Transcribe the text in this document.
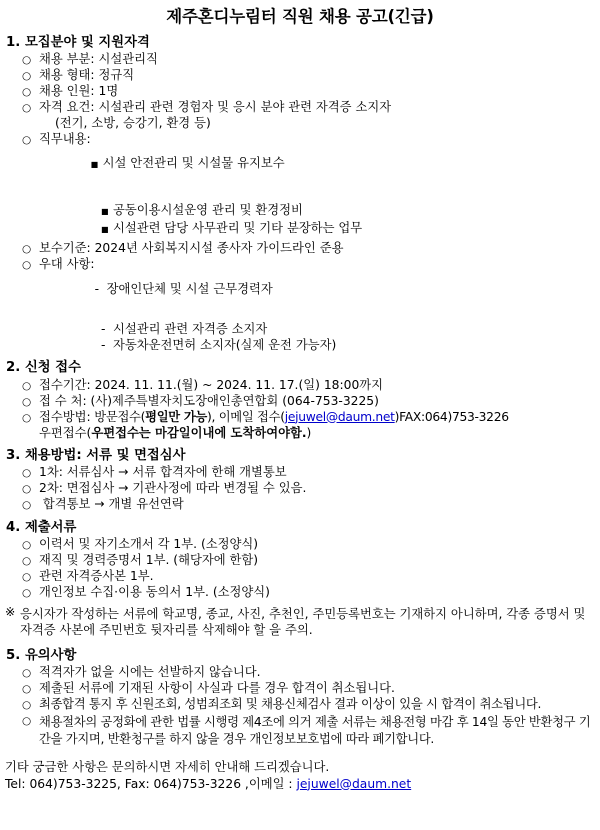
제주혼디누림터 직원 채용 공고(긴급)
1. 모집분야 및 지원자격
○
채용 부분: 시설관리직
○
채용 형태: 정규직
○
채용 인원: 1명
○
자격 요건: 시설관리 관련 경험자 및 응시 분야 관련 자격증 소지자
(전기, 소방, 승강기, 환경 등)
○
직무내용:

■
시설 안전관리 및 시설물 유지보수

■
공동이용시설운영 관리 및 환경정비
■
시설관련 담당 사무관리 및 기타 분장하는 업무
○
보수기준: 2024년 사회복지시설 종사자 가이드라인 준용
○
우대 사항:

-
장애인단체 및 시설 근무경력자

-
시설관리 관련 자격증 소지자
-
자동차운전면허 소지자(실제 운전 가능자)
2. 신청 접수
○
접수기간: 2024. 11. 11.(월) ~ 2024. 11. 17.(일) 18:00까지
○
접 수 처: (사)제주특별자치도장애인총연합회 (064-753-3225)
○
접수방법: 방문접수(평일만 가능), 이메일 접수(jejuwel@daum.net)FAX:064)753-3226
우편접수(우편접수는 마감일이내에 도착하여야함.)
3. 채용방법: 서류 및 면접심사
○
1차: 서류심사 → 서류 합격자에 한해 개별통보
○
2차: 면접심사 → 기관사정에 따라 변경될 수 있음.
○
합격통보 → 개별 유선연락
4. 제출서류
○
이력서 및 자기소개서 각 1부. (소정양식)
○
재직 및 경력증명서 1부. (해당자에 한함)
○
관련 자격증사본 1부.
○
개인정보 수집·이용 동의서 1부. (소정양식)
※ 응시자가 작성하는 서류에 학교명, 종교, 사진, 추천인, 주민등록번호는 기재하지 아니하며, 각종 증명서 및 자격증 사본에 주민번호 뒷자리를 삭제해야 할 을 주의.
5. 유의사항
○
적격자가 없을 시에는 선발하지 않습니다.
○
제출된 서류에 기재된 사항이 사실과 다를 경우 합격이 취소됩니다.
○
최종합격 통지 후 신원조회, 성범죄조회 및 채용신체검사 결과 이상이 있을 시 합격이 취소됩니다.
○
채용절차의 공정화에 관한 법률 시행령 제4조에 의거 제출 서류는 채용전형 마감 후 14일 동안 반환청구 기간을 가지며, 반환청구를 하지 않을 경우 개인정보보호법에 따라 폐기합니다.
기타 궁금한 사항은 문의하시면 자세히 안내해 드리겠습니다.
Tel: 064)753-3225, Fax: 064)753-3226 ,이메일 : jejuwel@daum.net
